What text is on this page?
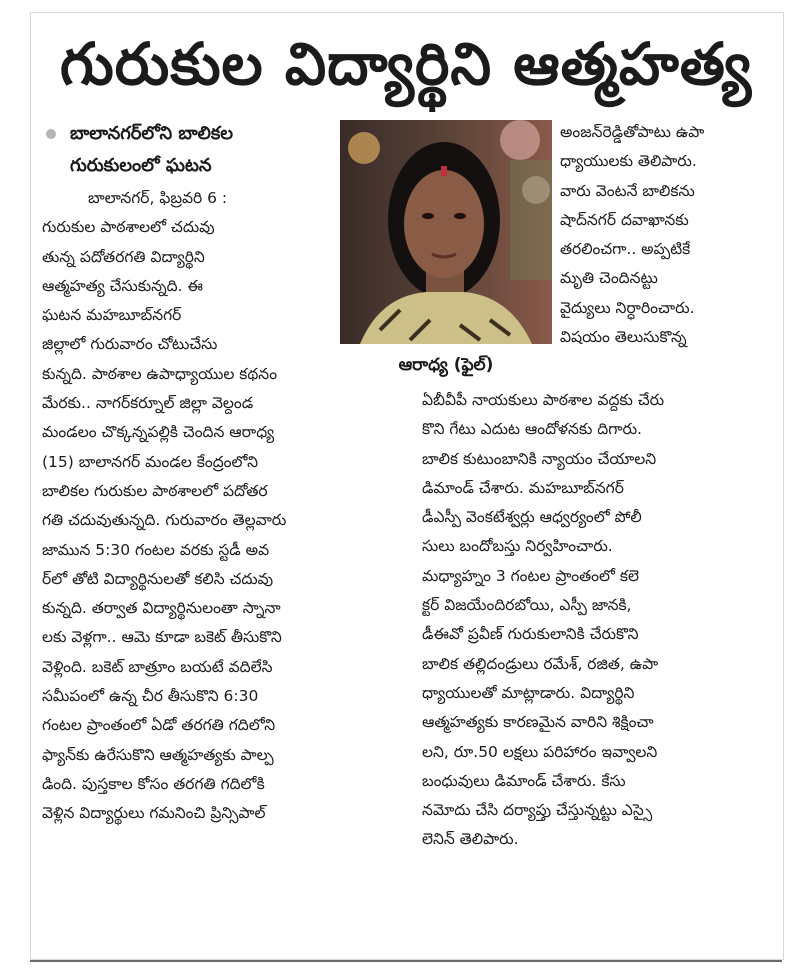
గురుకుల విద్యార్థిని ఆత్మహత్య
ఆరాధ్య (ఫైల్)
బాలానగర్‌లోని బాలికల గురుకులంలో ఘటన
బాలానగర్, ఫిబ్రవరి 6 :
గురుకుల పాఠశాలలో చదువు
తున్న పదోతరగతి విద్యార్థిని
ఆత్మహత్య చేసుకున్నది. ఈ
ఘటన మహబూబ్‌నగర్
జిల్లాలో గురువారం చోటుచేసు
కున్నది. పాఠశాల ఉపాధ్యాయుల కథనం
మేరకు.. నాగర్‌కర్నూల్ జిల్లా వెల్దండ
మండలం చొక్కన్నపల్లికి చెందిన ఆరాధ్య
(15) బాలానగర్ మండల కేంద్రంలోని
బాలికల గురుకుల పాఠశాలలో పదోతర
గతి చదువుతున్నది. గురువారం తెల్లవారు
జామున 5:30 గంటల వరకు స్టడీ అవ
ర్‌లో తోటి విద్యార్థినులతో కలిసి చదువు
కున్నది. తర్వాత విద్యార్థినులంతా స్నానా
లకు వెళ్లగా.. ఆమె కూడా బకెట్ తీసుకొని
వెళ్లింది. బకెట్ బాత్రూం బయటే వదిలేసి
సమీపంలో ఉన్న చీర తీసుకొని 6:30
గంటల ప్రాంతంలో ఏడో తరగతి గదిలోని
ఫ్యాన్‌కు ఉరేసుకొని ఆత్మహత్యకు పాల్ప
డింది. పుస్తకాల కోసం తరగతి గదిలోకి
వెళ్లిన విద్యార్థులు గమనించి ప్రిన్సిపాల్
అంజన్‌రెడ్డితోపాటు ఉపా
ధ్యాయులకు తెలిపారు.
వారు వెంటనే బాలికను
షాద్‌నగర్ దవాఖానకు
తరలించగా.. అప్పటికే
మృతి చెందినట్టు
వైద్యులు నిర్ధారించారు.
విషయం తెలుసుకొన్న
ఏబీవీపీ నాయకులు పాఠశాల వద్దకు చేరు
కొని గేటు ఎదుట ఆందోళనకు దిగారు.
బాలిక కుటుంబానికి న్యాయం చేయాలని
డిమాండ్ చేశారు. మహబూబ్‌నగర్
డీఎస్పీ వెంకటేశ్వర్లు ఆధ్వర్యంలో పోలీ
సులు బందోబస్తు నిర్వహించారు.
మధ్యాహ్నం 3 గంటల ప్రాంతంలో కలె
క్టర్ విజయేందిరబోయి, ఎస్పీ జానకి,
డీఈవో ప్రవీణ్ గురుకులానికి చేరుకొని
బాలిక తల్లిదండ్రులు రమేశ్, రజిత, ఉపా
ధ్యాయులతో మాట్లాడారు. విద్యార్థిని
ఆత్మహత్యకు కారణమైన వారిని శిక్షించా
లని, రూ.50 లక్షలు పరిహారం ఇవ్వాలని
బంధువులు డిమాండ్ చేశారు. కేసు
నమోదు చేసి దర్యాప్తు చేస్తున్నట్టు ఎస్సై
లెనిన్ తెలిపారు.
